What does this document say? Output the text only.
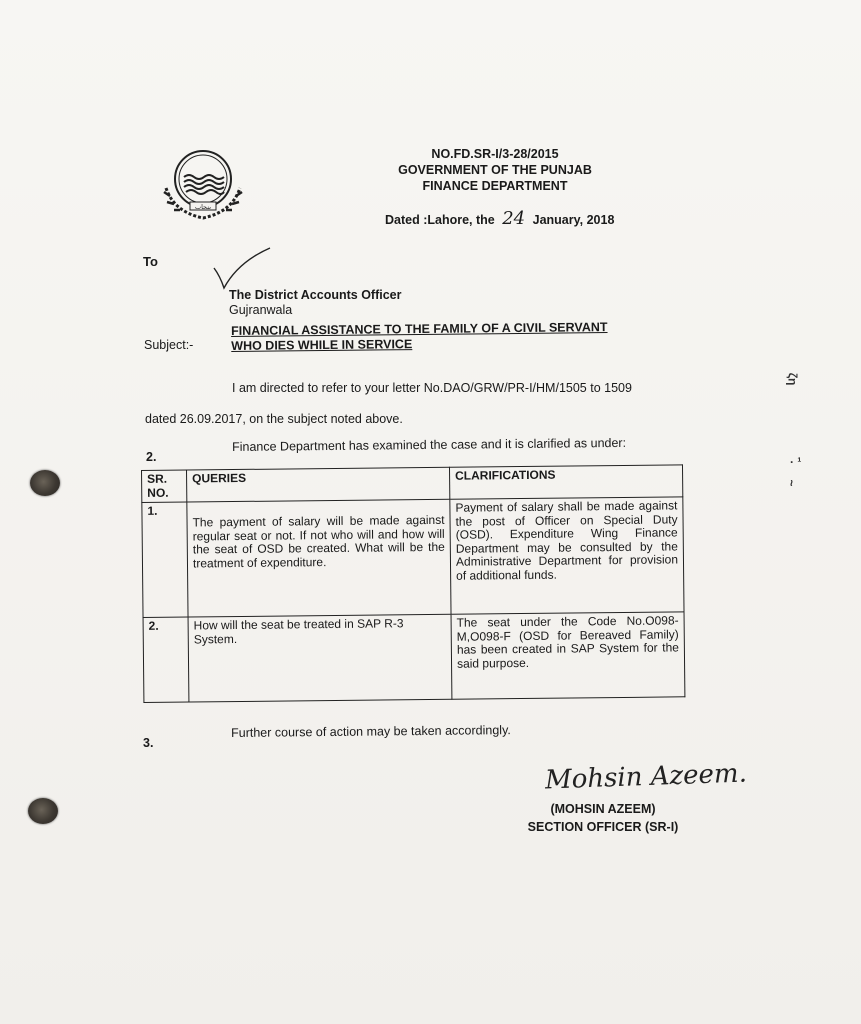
پنجاب
NO.FD.SR-I/3-28/2015
GOVERNMENT OF THE PUNJAB
FINANCE DEPARTMENT
Dated :Lahore, the 24 January, 2018
To
The District Accounts Officer
Gujranwala
Subject:-
FINANCIAL ASSISTANCE TO THE FAMILY OF A CIVIL SERVANT
WHO DIES WHILE IN SERVICE
I am directed to refer to your letter No.DAO/GRW/PR-I/HM/1505 to 1509
dated 26.09.2017, on the subject noted above.
2.
Finance Department has examined the case and it is clarified as under:
SR.
NO.	QUERIES	CLARIFICATIONS
1.	The payment of salary will be made against regular seat or not. If not who will and how will the seat of OSD be created. What will be the treatment of expenditure.	Payment of salary shall be made against the post of Officer on Special Duty (OSD). Expenditure Wing Finance Department may be consulted by the Administrative Department for provision of additional funds.
2.	How will the seat be treated in SAP R-3 System.	The seat under the Code No.O098-M,O098-F (OSD for Bereaved Family) has been created in SAP System for the said purpose.
3.
Further course of action may be taken accordingly.
Mohsin Azeem.
(MOHSIN AZEEM)
SECTION OFFICER (SR-I)
ζη
· ¹
~
